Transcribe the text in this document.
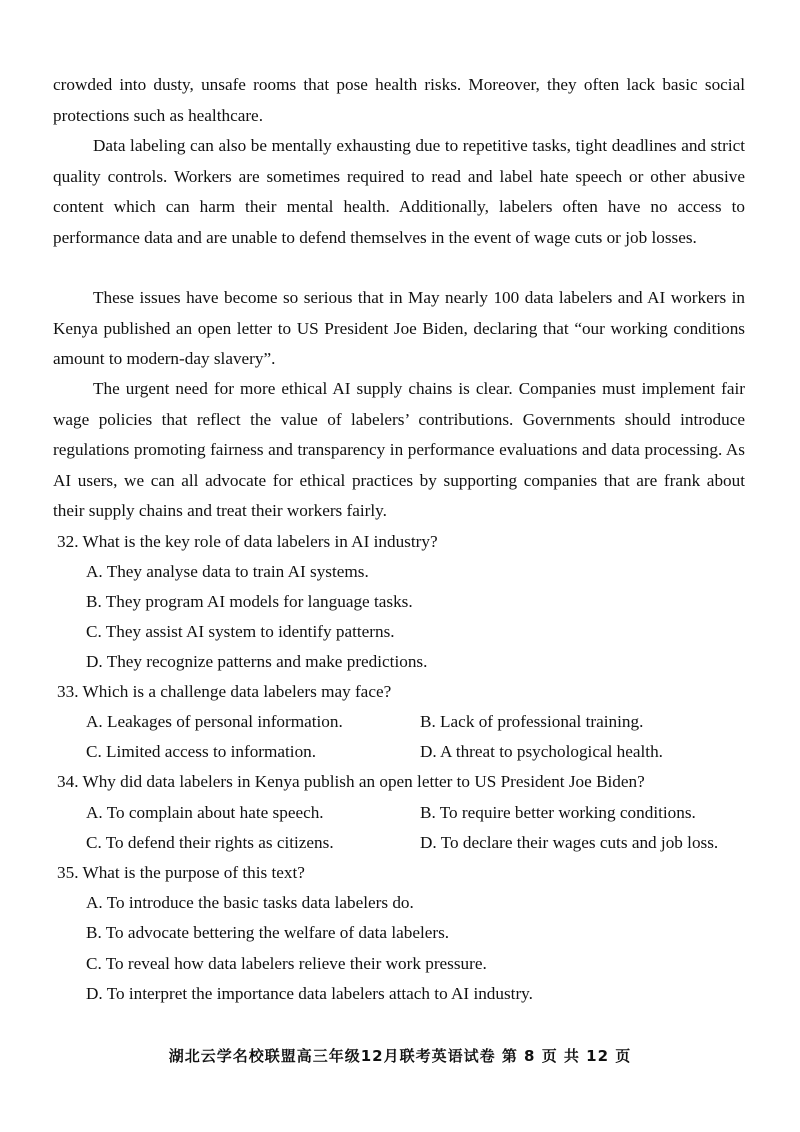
crowded into dusty, unsafe rooms that pose health risks. Moreover, they often lack basic social protections such as healthcare.

Data labeling can also be mentally exhausting due to repetitive tasks, tight deadlines and strict quality controls. Workers are sometimes required to read and label hate speech or other abusive content which can harm their mental health. Additionally, labelers often have no access to performance data and are unable to defend themselves in the event of wage cuts or job losses.

These issues have become so serious that in May nearly 100 data labelers and AI workers in Kenya published an open letter to US President Joe Biden, declaring that “our working conditions amount to modern-day slavery”.

The urgent need for more ethical AI supply chains is clear. Companies must implement fair wage policies that reflect the value of labelers’ contributions. Governments should introduce regulations promoting fairness and transparency in performance evaluations and data processing. As AI users, we can all advocate for ethical practices by supporting companies that are frank about their supply chains and treat their workers fairly.

32. What is the key role of data labelers in AI industry?

A. They analyse data to train AI systems.

B. They program AI models for language tasks.

C. They assist AI system to identify patterns.

D. They recognize patterns and make predictions.

33. Which is a challenge data labelers may face?

A. Leakages of personal information.	B. Lack of professional training.

C. Limited access to information.	D. A threat to psychological health.

34. Why did data labelers in Kenya publish an open letter to US President Joe Biden?

A. To complain about hate speech.	B. To require better working conditions.

C. To defend their rights as citizens.	D. To declare their wages cuts and job loss.

35. What is the purpose of this text?

A. To introduce the basic tasks data labelers do.

B. To advocate bettering the welfare of data labelers.

C. To reveal how data labelers relieve their work pressure.

D. To interpret the importance data labelers attach to AI industry.

湖北云学名校联盟高三年级12月联考英语试卷 第 8 页 共 12 页
